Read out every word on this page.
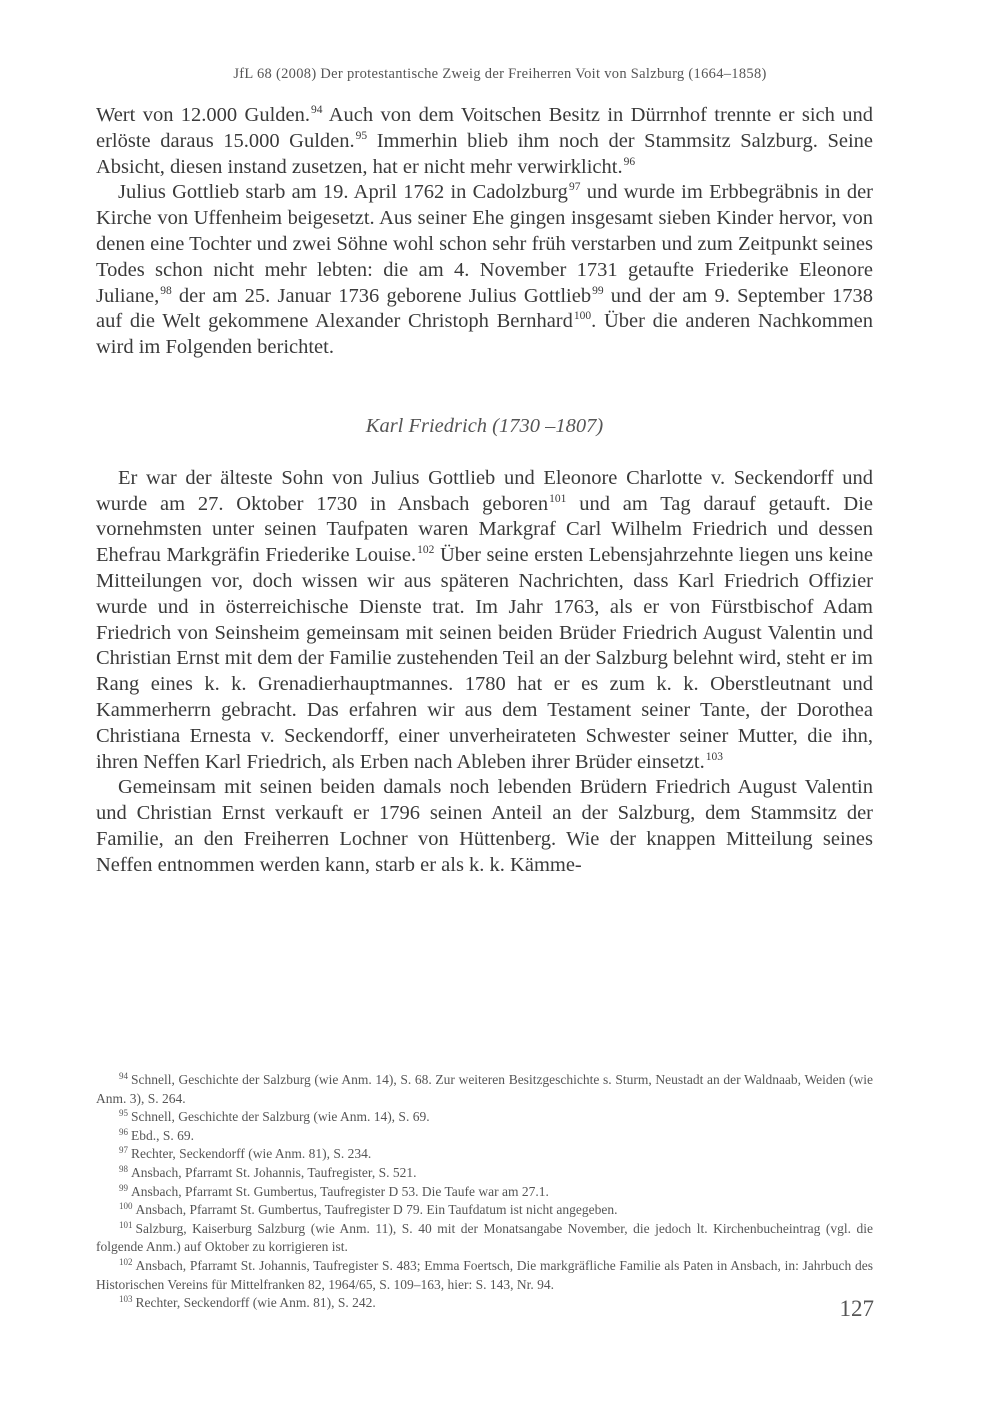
JfL 68 (2008) Der protestantische Zweig der Freiherren Voit von Salzburg (1664–1858)

Wert von 12.000 Gulden.$^{94}$ Auch von dem Voitschen Besitz in Dürrnhof trennte er sich und erlöste daraus 15.000 Gulden.$^{95}$ Immerhin blieb ihm noch der Stammsitz Salzburg. Seine Absicht, diesen instand zusetzen, hat er nicht mehr verwirklicht.$^{96}$

Julius Gottlieb starb am 19. April 1762 in Cadolzburg$^{97}$ und wurde im Erbbegräbnis in der Kirche von Uffenheim beigesetzt. Aus seiner Ehe gingen insgesamt sieben Kinder hervor, von denen eine Tochter und zwei Söhne wohl schon sehr früh verstarben und zum Zeitpunkt seines Todes schon nicht mehr lebten: die am 4. November 1731 getaufte Friederike Eleonore Juliane,$^{98}$ der am 25. Januar 1736 geborene Julius Gottlieb$^{99}$ und der am 9. September 1738 auf die Welt gekommene Alexander Christoph Bernhard$^{100}$. Über die anderen Nachkommen wird im Folgenden berichtet.

Karl Friedrich (1730 –1807)

Er war der älteste Sohn von Julius Gottlieb und Eleonore Charlotte v. Seckendorff und wurde am 27. Oktober 1730 in Ansbach geboren$^{101}$ und am Tag darauf getauft. Die vornehmsten unter seinen Taufpaten waren Markgraf Carl Wilhelm Friedrich und dessen Ehefrau Markgräfin Friederike Louise.$^{102}$ Über seine ersten Lebensjahrzehnte liegen uns keine Mitteilungen vor, doch wissen wir aus späteren Nachrichten, dass Karl Friedrich Offizier wurde und in österreichische Dienste trat. Im Jahr 1763, als er von Fürstbischof Adam Friedrich von Seinsheim gemeinsam mit seinen beiden Brüder Friedrich August Valentin und Christian Ernst mit dem der Familie zustehenden Teil an der Salzburg belehnt wird, steht er im Rang eines k. k. Grenadierhauptmannes. 1780 hat er es zum k. k. Oberstleutnant und Kammerherrn gebracht. Das erfahren wir aus dem Testament seiner Tante, der Dorothea Christiana Ernesta v. Seckendorff, einer unverheirateten Schwester seiner Mutter, die ihn, ihren Neffen Karl Friedrich, als Erben nach Ableben ihrer Brüder einsetzt.$^{103}$

Gemeinsam mit seinen beiden damals noch lebenden Brüdern Friedrich August Valentin und Christian Ernst verkauft er 1796 seinen Anteil an der Salzburg, dem Stammsitz der Familie, an den Freiherren Lochner von Hüttenberg. Wie der knappen Mitteilung seines Neffen entnommen werden kann, starb er als k. k. Kämme-

$^{94}$ Schnell, Geschichte der Salzburg (wie Anm. 14), S. 68. Zur weiteren Besitzgeschichte s. Sturm, Neustadt an der Waldnaab, Weiden (wie Anm. 3), S. 264.

$^{95}$ Schnell, Geschichte der Salzburg (wie Anm. 14), S. 69.

$^{96}$ Ebd., S. 69.

$^{97}$ Rechter, Seckendorff (wie Anm. 81), S. 234.

$^{98}$ Ansbach, Pfarramt St. Johannis, Taufregister, S. 521.

$^{99}$ Ansbach, Pfarramt St. Gumbertus, Taufregister D 53. Die Taufe war am 27.1.

$^{100}$ Ansbach, Pfarramt St. Gumbertus, Taufregister D 79. Ein Taufdatum ist nicht angegeben.

$^{101}$ Salzburg, Kaiserburg Salzburg (wie Anm. 11), S. 40 mit der Monatsangabe November, die jedoch lt. Kirchenbucheintrag (vgl. die folgende Anm.) auf Oktober zu korrigieren ist.

$^{102}$ Ansbach, Pfarramt St. Johannis, Taufregister S. 483; Emma Foertsch, Die markgräfliche Familie als Paten in Ansbach, in: Jahrbuch des Historischen Vereins für Mittelfranken 82, 1964/65, S. 109–163, hier: S. 143, Nr. 94.

$^{103}$ Rechter, Seckendorff (wie Anm. 81), S. 242.	127
